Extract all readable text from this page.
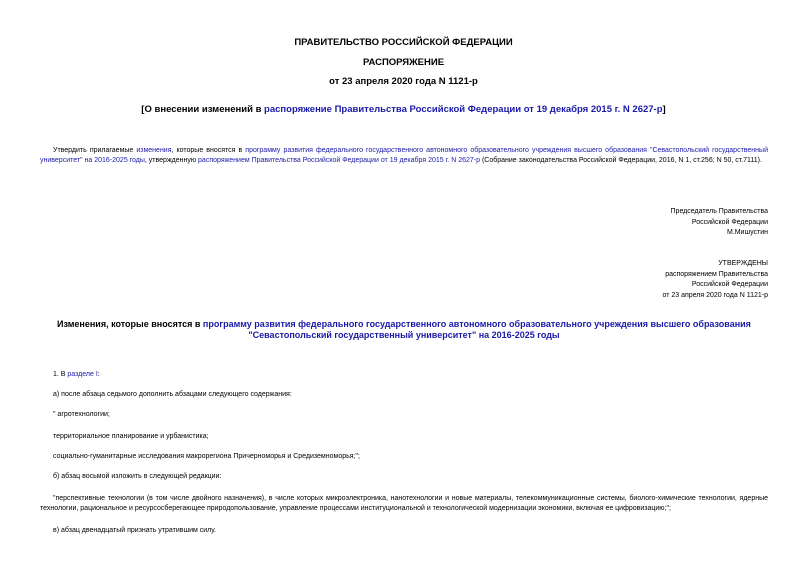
ПРАВИТЕЛЬСТВО РОССИЙСКОЙ ФЕДЕРАЦИИ
РАСПОРЯЖЕНИЕ
от 23 апреля 2020 года N 1121-р
[О внесении изменений в распоряжение Правительства Российской Федерации от 19 декабря 2015 г. N 2627-р]
Утвердить прилагаемые изменения, которые вносятся в программу развития федерального государственного автономного образовательного учреждения высшего образования "Севастопольский государственный университет" на 2016-2025 годы, утвержденную распоряжением Правительства Российской Федерации от 19 декабря 2015 г. N 2627-р (Собрание законодательства Российской Федерации, 2016, N 1, ст.256; N 50, ст.7111).
Председатель Правительства
Российской Федерации
М.Мишустин
УТВЕРЖДЕНЫ
распоряжением Правительства
Российской Федерации
от 23 апреля 2020 года N 1121-р
Изменения, которые вносятся в программу развития федерального государственного автономного образовательного учреждения высшего образования "Севастопольский государственный университет" на 2016-2025 годы
1. В разделе I:
а) после абзаца седьмого дополнить абзацами следующего содержания:
" агротехнологии;
территориальное планирование и урбанистика;
социально-гуманитарные исследования макрорегиона Причерноморья и Средиземноморья;";
б) абзац восьмой изложить в следующей редакции:
"перспективные технологии (в том числе двойного назначения), в числе которых микроэлектроника, нанотехнологии и новые материалы, телекоммуникационные системы, биолого-химические технологии, ядерные технологии, рациональное и ресурсосберегающее природопользование, управление процессами институциональной и технологической модернизации экономики, включая ее цифровизацию;";
в) абзац двенадцатый признать утратившим силу.
